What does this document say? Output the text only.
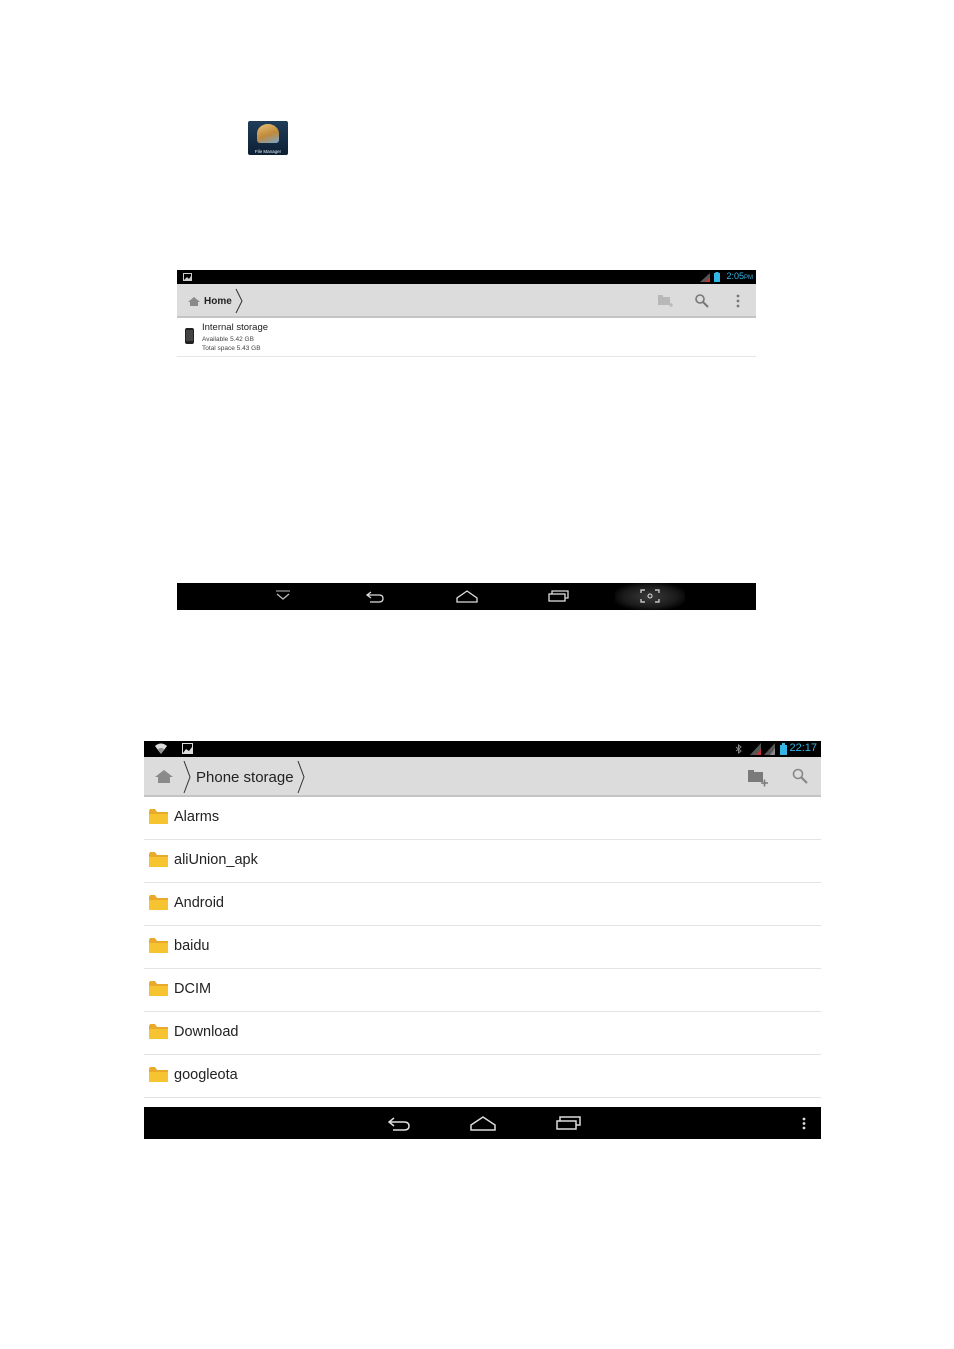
File Manager
2:05PM
Home
Internal storage
Available 5.42 GB
Total space 5.43 GB
22:17
Phone storage
Alarms
aliUnion_apk
Android
baidu
DCIM
Download
googleota
